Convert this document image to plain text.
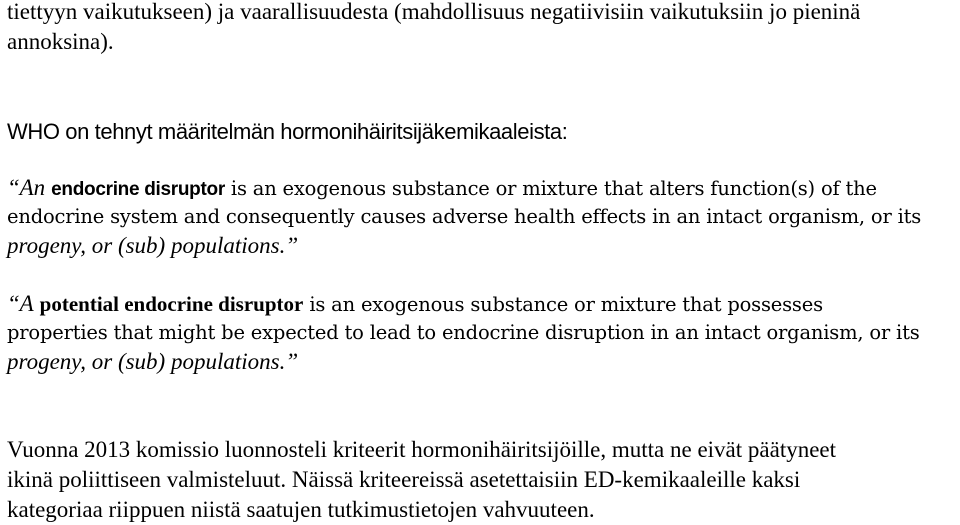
tiettyyn vaikutukseen) ja vaarallisuudesta (mahdollisuus negatiivisiin vaikutuksiin jo pieninä
annoksina).
WHO on tehnyt määritelmän hormonihäiritsijäkemikaaleista:
“An endocrine disruptor is an exogenous substance or mixture that alters function(s) of the
endocrine system and consequently causes adverse health effects in an intact organism, or its
progeny, or (sub) populations.”
“A potential endocrine disruptor is an exogenous substance or mixture that possesses
properties that might be expected to lead to endocrine disruption in an intact organism, or its
progeny, or (sub) populations.”
Vuonna 2013 komissio luonnosteli kriteerit hormonihäiritsijöille, mutta ne eivät päätyneet
ikinä poliittiseen valmisteluut. Näissä kriteereissä asetettaisiin ED-kemikaaleille kaksi
kategoriaa riippuen niistä saatujen tutkimustietojen vahvuuteen.
